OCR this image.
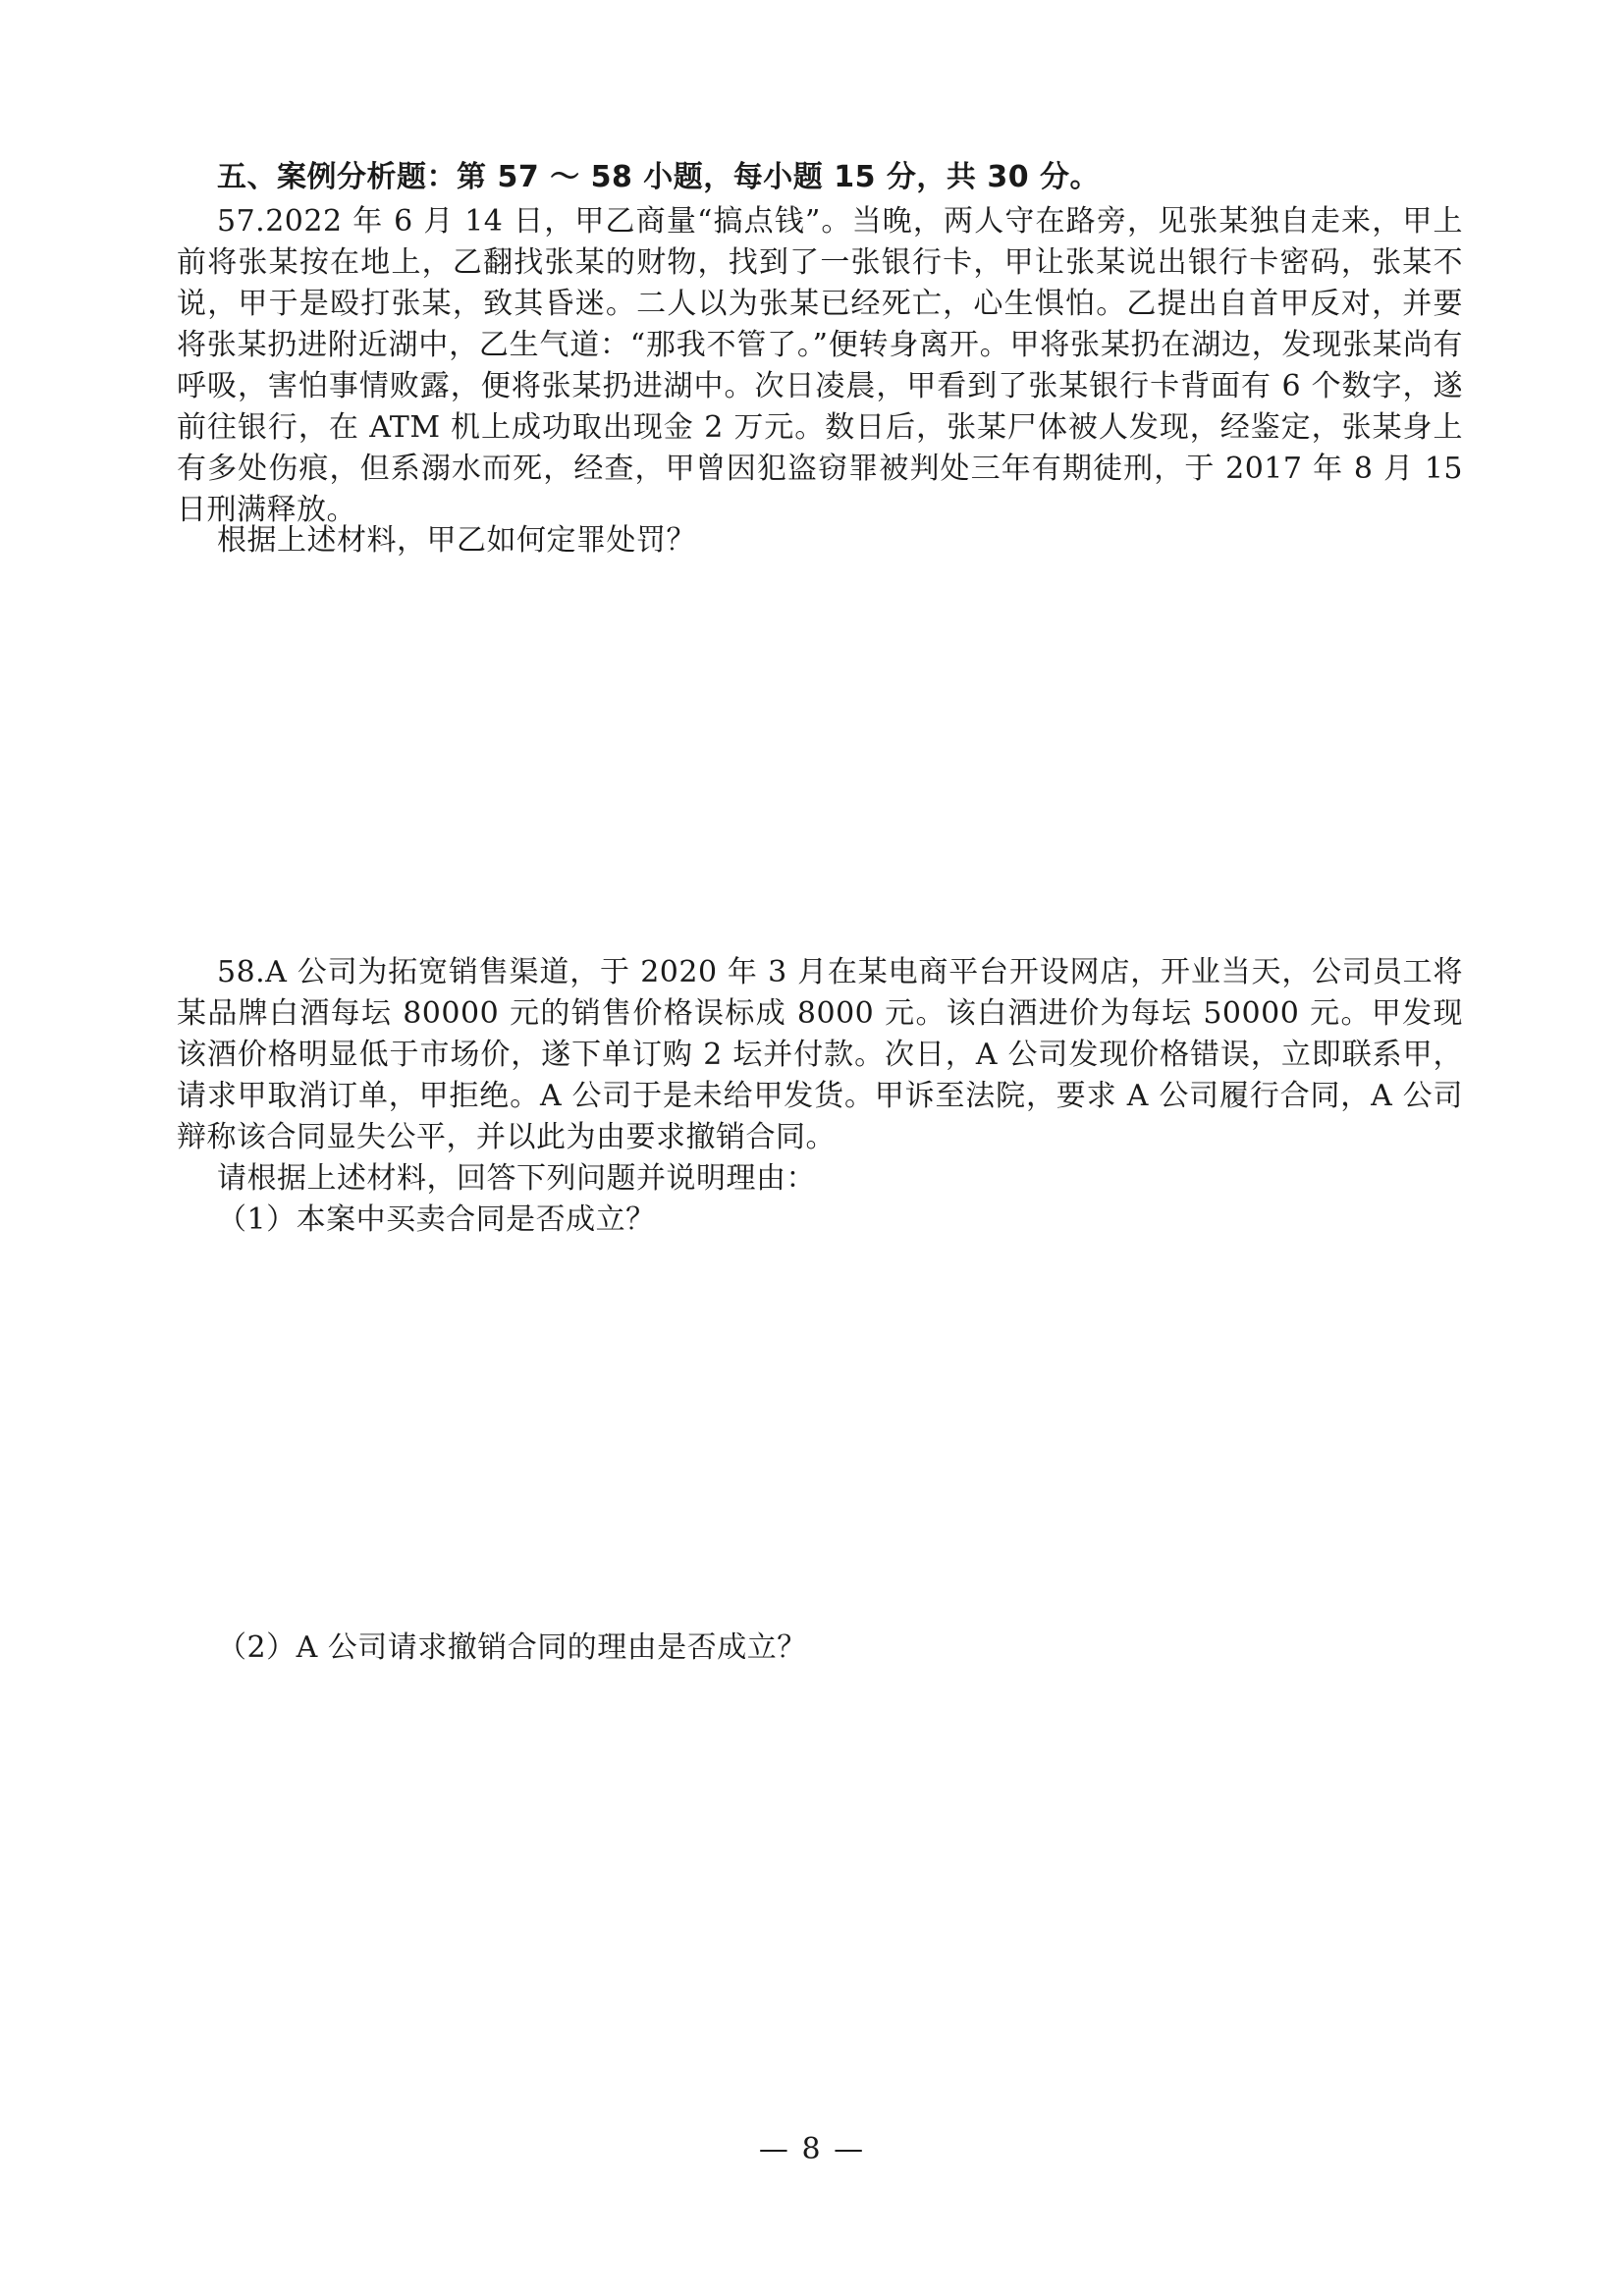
五、案例分析题：第 57 ～ 58 小题，每小题 15 分，共 30 分。

57.2022 年 6 月 14 日，甲乙商量“搞点钱”。当晚，两人守在路旁，见张某独自走来，甲上前将张某按在地上，乙翻找张某的财物，找到了一张银行卡，甲让张某说出银行卡密码，张某不说，甲于是殴打张某，致其昏迷。二人以为张某已经死亡，心生惧怕。乙提出自首甲反对，并要将张某扔进附近湖中，乙生气道：“那我不管了。”便转身离开。甲将张某扔在湖边，发现张某尚有呼吸，害怕事情败露，便将张某扔进湖中。次日凌晨，甲看到了张某银行卡背面有 6 个数字，遂前往银行，在 ATM 机上成功取出现金 2 万元。数日后，张某尸体被人发现，经鉴定，张某身上有多处伤痕，但系溺水而死，经查，甲曾因犯盗窃罪被判处三年有期徒刑，于 2017 年 8 月 15 日刑满释放。

根据上述材料，甲乙如何定罪处罚？

58.A 公司为拓宽销售渠道，于 2020 年 3 月在某电商平台开设网店，开业当天，公司员工将某品牌白酒每坛 80000 元的销售价格误标成 8000 元。该白酒进价为每坛 50000 元。甲发现该酒价格明显低于市场价，遂下单订购 2 坛并付款。次日，A 公司发现价格错误，立即联系甲，请求甲取消订单，甲拒绝。A 公司于是未给甲发货。甲诉至法院，要求 A 公司履行合同，A 公司辩称该合同显失公平，并以此为由要求撤销合同。

请根据上述材料，回答下列问题并说明理由：

（1）本案中买卖合同是否成立？

（2）A 公司请求撤销合同的理由是否成立？

— 8 —
